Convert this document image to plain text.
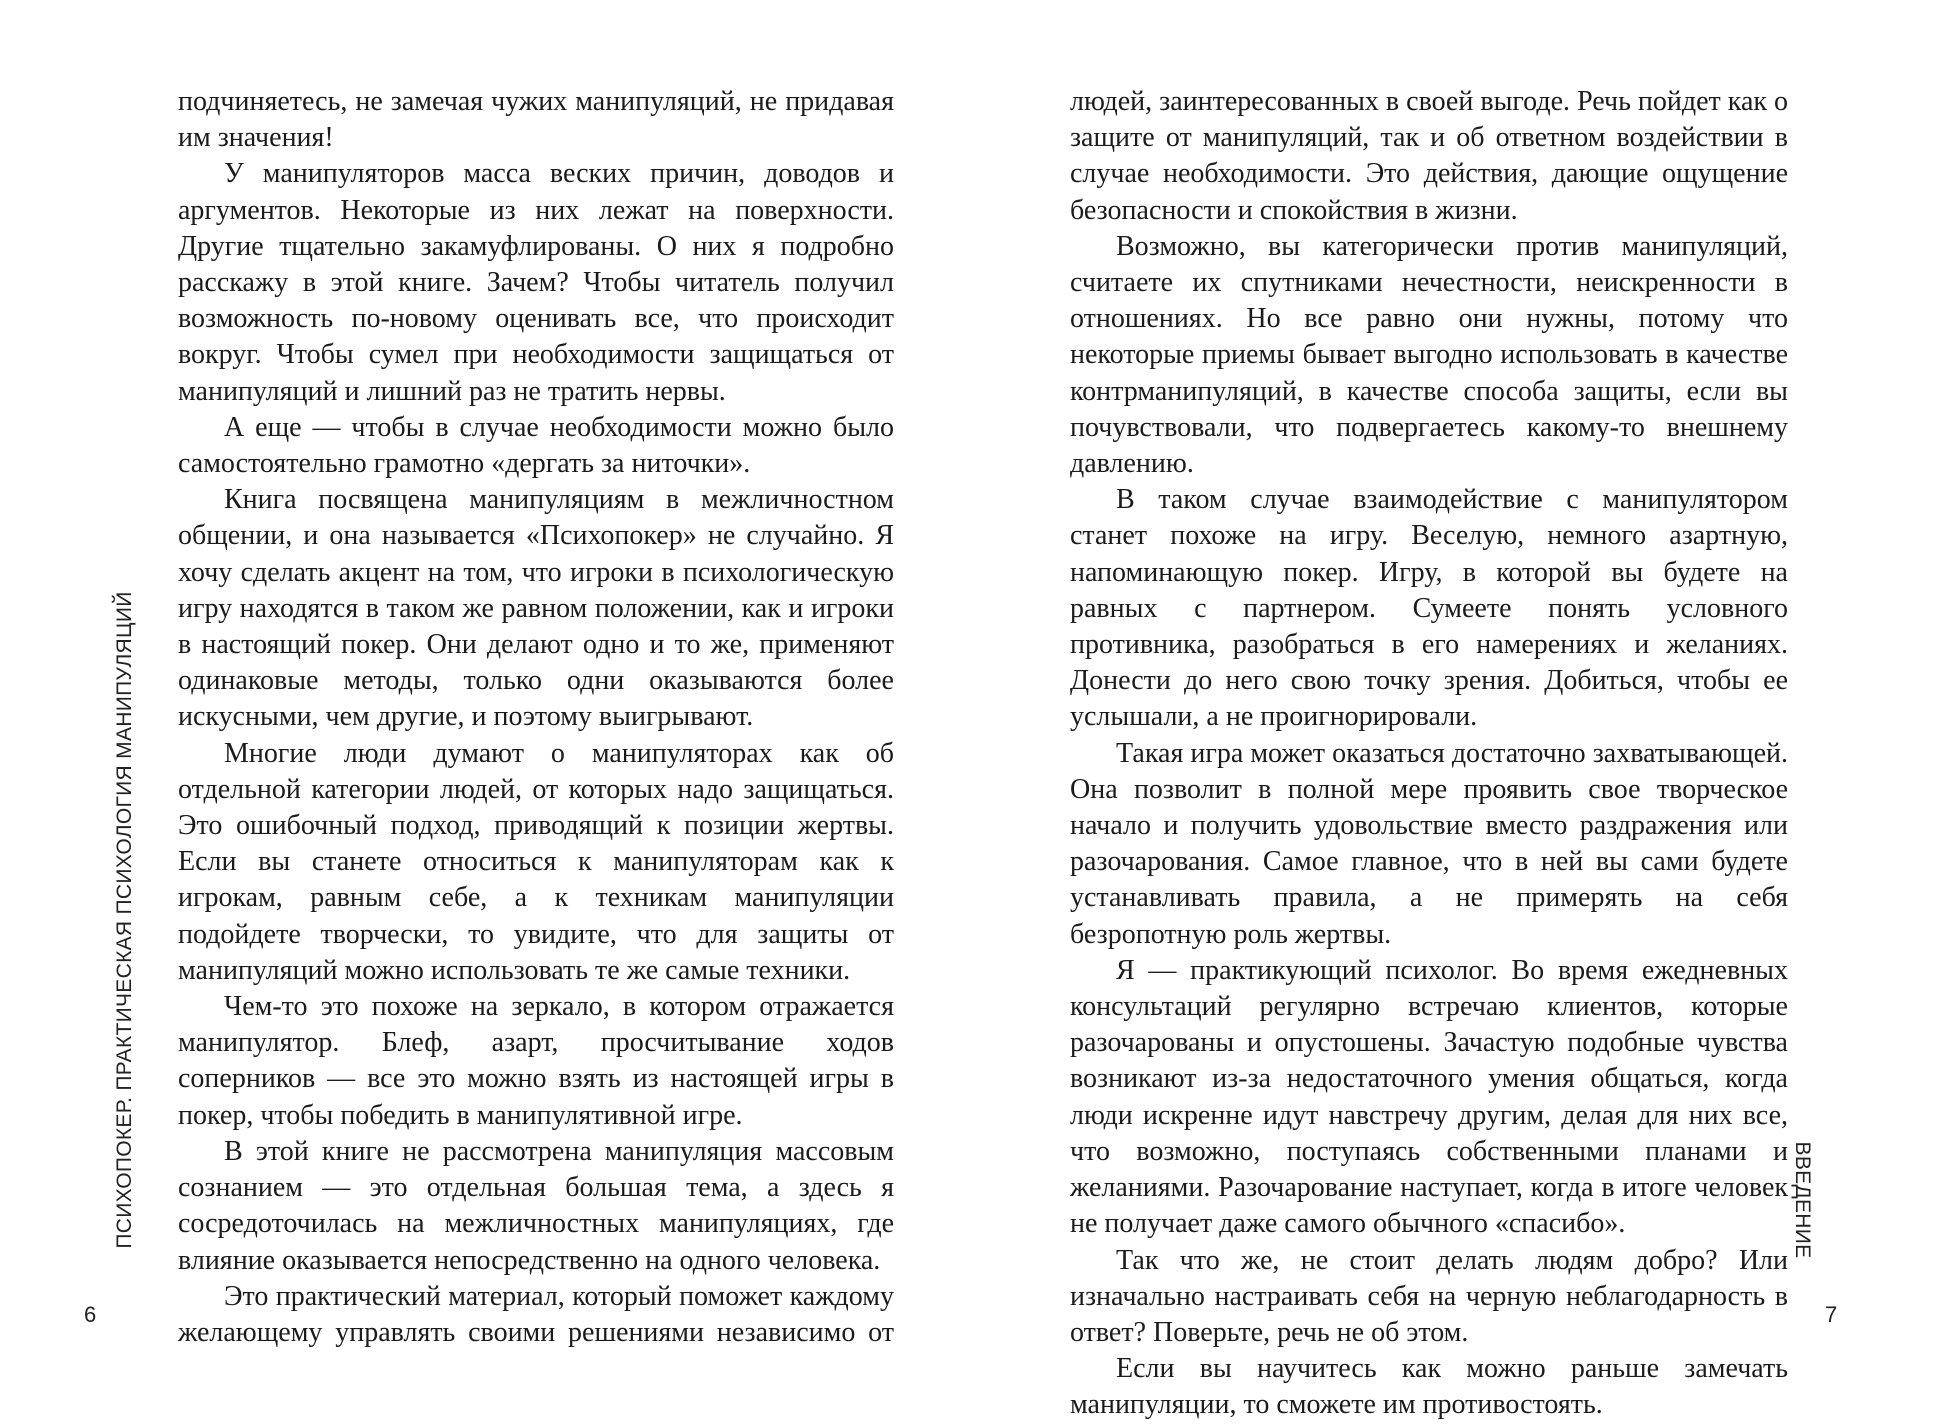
ПСИХОПОКЕР. ПРАКТИЧЕСКАЯ ПСИХОЛОГИЯ МАНИПУЛЯЦИЙ

подчиняетесь, не замечая чужих манипуляций, не придавая им значения!

У манипуляторов масса веских причин, доводов и аргументов. Некоторые из них лежат на поверхности. Другие тщательно закамуфлированы. О них я подробно расскажу в этой книге. Зачем? Чтобы читатель получил возможность по-новому оценивать все, что происходит вокруг. Чтобы сумел при необходимости защищаться от манипуляций и лишний раз не тратить нервы.

А еще — чтобы в случае необходимости можно было самостоятельно грамотно «дергать за ниточки».

Книга посвящена манипуляциям в межличностном общении, и она называется «Психопокер» не случайно. Я хочу сделать акцент на том, что игроки в психологическую игру находятся в таком же равном положении, как и игроки в настоящий покер. Они делают одно и то же, применяют одинаковые методы, только одни оказываются более искусными, чем другие, и поэтому выигрывают.

Многие люди думают о манипуляторах как об отдельной категории людей, от которых надо защищаться. Это ошибочный подход, приводящий к позиции жертвы. Если вы станете относиться к манипуляторам как к игрокам, равным себе, а к техникам манипуляции подойдете творчески, то увидите, что для защиты от манипуляций можно использовать те же самые техники.

Чем-то это похоже на зеркало, в котором отражается манипулятор. Блеф, азарт, просчитывание ходов соперников — все это можно взять из настоящей игры в покер, чтобы победить в манипулятивной игре.

В этой книге не рассмотрена манипуляция массовым сознанием — это отдельная большая тема, а здесь я сосредоточилась на межличностных манипуляциях, где влияние оказывается непосредственно на одного человека.

Это практический материал, который поможет каждому желающему управлять своими решениями независимо от

6

людей, заинтересованных в своей выгоде. Речь пойдет как о защите от манипуляций, так и об ответном воздействии в случае необходимости. Это действия, дающие ощущение безопасности и спокойствия в жизни.

Возможно, вы категорически против манипуляций, считаете их спутниками нечестности, неискренности в отношениях. Но все равно они нужны, потому что некоторые приемы бывает выгодно использовать в качестве контрманипуляций, в качестве способа защиты, если вы почувствовали, что подвергаетесь какому-то внешнему давлению.

В таком случае взаимодействие с манипулятором станет похоже на игру. Веселую, немного азартную, напоминающую покер. Игру, в которой вы будете на равных с партнером. Сумеете понять условного противника, разобраться в его намерениях и желаниях. Донести до него свою точку зрения. Добиться, чтобы ее услышали, а не проигнорировали.

Такая игра может оказаться достаточно захватывающей. Она позволит в полной мере проявить свое творческое начало и получить удовольствие вместо раздражения или разочарования. Самое главное, что в ней вы сами будете устанавливать правила, а не примерять на себя безропотную роль жертвы.

Я — практикующий психолог. Во время ежедневных консультаций регулярно встречаю клиентов, которые разочарованы и опустошены. Зачастую подобные чувства возникают из-за недостаточного умения общаться, когда люди искренне идут навстречу другим, делая для них все, что возможно, поступаясь собственными планами и желаниями. Разочарование наступает, когда в итоге человек не получает даже самого обычного «спасибо».

Так что же, не стоит делать людям добро? Или изначально настраивать себя на черную неблагодарность в ответ? Поверьте, речь не об этом.

Если вы научитесь как можно раньше замечать манипуляции, то сможете им противостоять.

ВВЕДЕНИЕ
7
